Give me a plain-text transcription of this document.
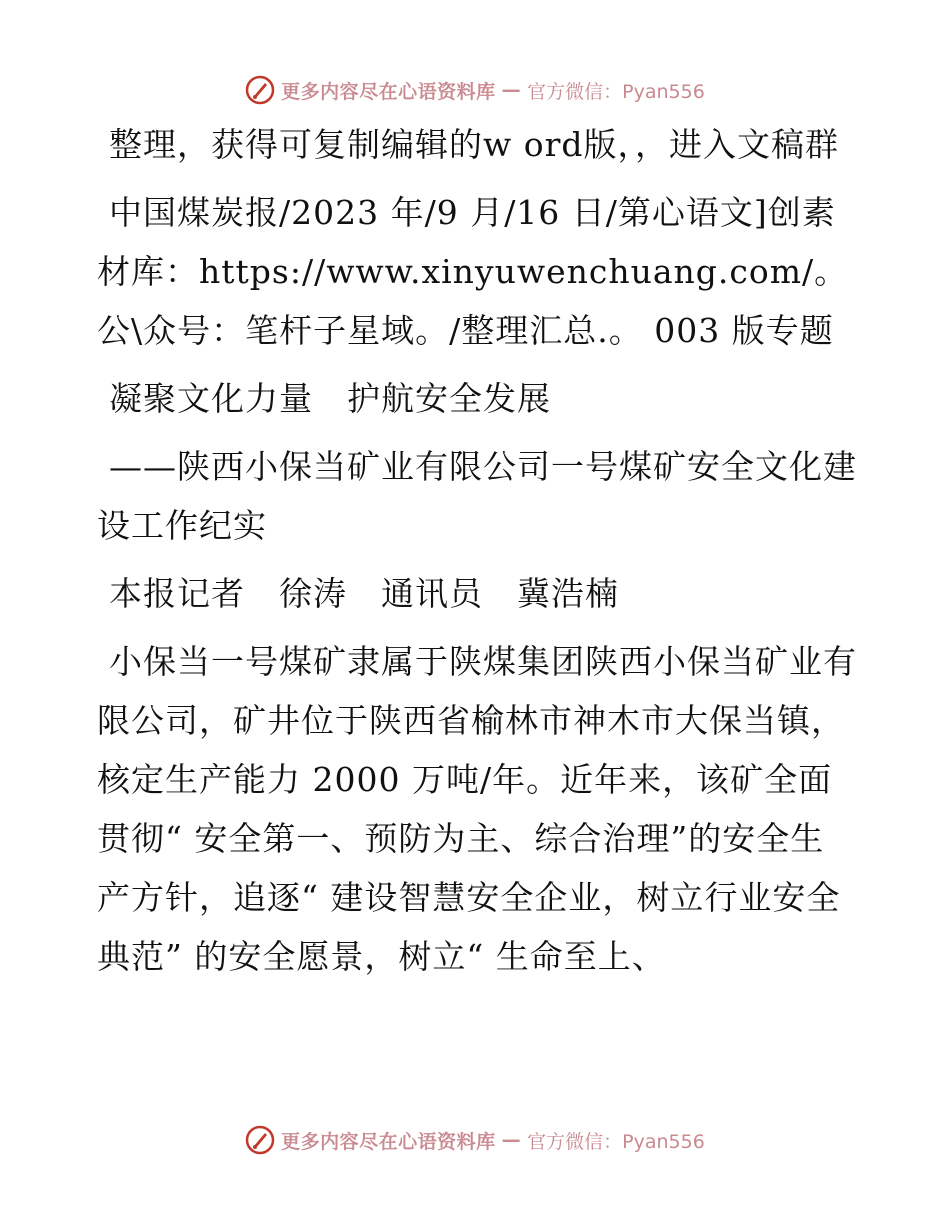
更多内容尽在心语资料库 — 官方微信：Pyan556

整理，获得可复制编辑的w ord版，，进入文稿群

中国煤炭报/2023 年/9 月/16 日/第心语文]创素材库：https://www.xinyuwenchuang.com/。公\众号：笔杆子星域。/整理汇总.。 003 版专题

凝聚文化力量　护航安全发展

——陕西小保当矿业有限公司一号煤矿安全文化建设工作纪实

本报记者　徐涛　通讯员　冀浩楠

小保当一号煤矿隶属于陕煤集团陕西小保当矿业有限公司，矿井位于陕西省榆林市神木市大保当镇，核定生产能力 2000 万吨/年。近年来，该矿全面贯彻“ 安全第一、预防为主、综合治理”的安全生产方针，追逐“ 建设智慧安全企业，树立行业安全典范” 的安全愿景，树立“ 生命至上、

更多内容尽在心语资料库 — 官方微信：Pyan556
